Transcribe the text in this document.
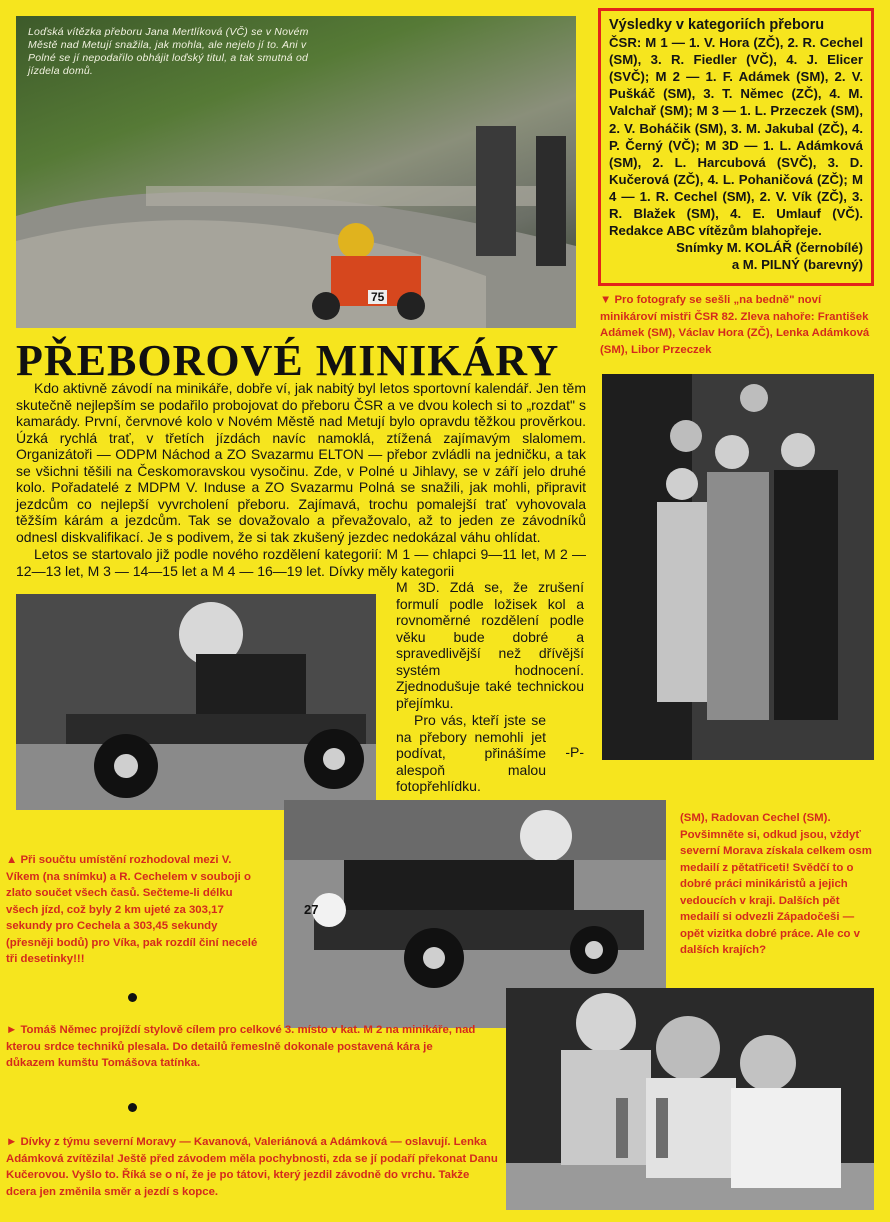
Loďská vítězka přeboru Jana Mertlíková (VČ) se v Novém Městě nad Metují snažila, jak mohla, ale nejelo jí to. Ani v Polné se jí nepodařilo obhájit loďský titul, a tak smutná od jízdela domů.
75
Výsledky v kategoriích přeboru
ČSR: M 1 — 1. V. Hora (ZČ), 2. R. Cechel (SM), 3. R. Fiedler (VČ), 4. J. Elicer (SVČ); M 2 — 1. F. Adámek (SM), 2. V. Puškáč (SM), 3. T. Němec (ZČ), 4. M. Valchař (SM); M 3 — 1. L. Przeczek (SM), 2. V. Boháčik (SM), 3. M. Jakubal (ZČ), 4. P. Černý (VČ); M 3D — 1. L. Adámková (SM), 2. L. Harcubová (SVČ), 3. D. Kučerová (ZČ), 4. L. Pohaničová (ZČ); M 4 — 1. R. Cechel (SM), 2. V. Vík (ZČ), 3. R. Blažek (SM), 4. E. Umlauf (VČ). Redakce ABC vítězům blahopřeje.
Snímky M. KOLÁŘ (černobílé)
a M. PILNÝ (barevný)
▼ Pro fotografy se sešli „na bedně" noví minikároví mistři ČSR 82. Zleva nahoře: František Adámek (SM), Václav Hora (ZČ), Lenka Adámková (SM), Libor Przeczek
PŘEBOROVÉ MINIKÁRY
Kdo aktivně závodí na minikáře, dobře ví, jak nabitý byl letos sportovní kalendář. Jen těm skutečně nejlepším se podařilo probojovat do přeboru ČSR a ve dvou kolech si to „rozdat" s kamarády. První, červnové kolo v Novém Městě nad Metují bylo opravdu těžkou prověrkou. Úzká rychlá trať, v třetích jízdách navíc namoklá, ztížená zajímavým slalomem. Organizátoři — ODPM Náchod a ZO Svazarmu ELTON — přebor zvládli na jedničku, a tak se všichni těšili na Českomoravskou vysočinu. Zde, v Polné u Jihlavy, se v září jelo druhé kolo. Pořadatelé z MDPM V. Induse a ZO Svazarmu Polná se snažili, jak mohli, připravit jezdcům co nejlepší vyvrcholení přeboru. Zajímavá, trochu pomalejší trať vyhovovala těžším kárám a jezdcům. Tak se dovažovalo a převažovalo, až to jeden ze závodníků odnesl diskvalifikací. Je s podivem, že si tak zkušený jezdec nedokázal váhu ohlídat.
Letos se startovalo již podle nového rozdělení kategorií: M 1 — chlapci 9—11 let, M 2 — 12—13 let, M 3 — 14—15 let a M 4 — 16—19 let. Dívky měly kategorii
M 3D. Zdá se, že zrušení formulí podle ložisek kol a rovnoměrné rozdělení podle věku bude dobré a spravedlivější než dřívější systém hodnocení. Zjednodušuje také technickou přejímku.
Pro vás, kteří jste se na přebory nemohli jet podívat, přinášíme alespoň malou fotopřehlídku.
-P-
(SM), Radovan Cechel (SM). Povšimněte si, odkud jsou, vždyť severní Morava získala celkem osm medailí z pětatřiceti! Svědčí to o dobré práci minikáristů a jejich vedoucích v kraji. Dalších pět medailí si odvezli Západočeši — opět vizitka dobré práce. Ale co v dalších krajích?
27
▲ Při součtu umístění rozhodoval mezi V. Víkem (na snímku) a R. Cechelem v souboji o zlato součet všech časů. Sečteme-li délku všech jízd, což byly 2 km ujeté za 303,17 sekundy pro Cechela a 303,45 sekundy (přesněji bodů) pro Víka, pak rozdíl činí necelé tři desetinky!!!
► Tomáš Němec projíždí stylově cílem pro celkové 3. místo v kat. M 2 na minikáře, nad kterou srdce techniků plesala. Do detailů řemeslně dokonale postavená kára je důkazem kumštu Tomášova tatínka.
► Dívky z týmu severní Moravy — Kavanová, Valeriánová a Adámková — oslavují. Lenka Adámková zvítězila! Ještě před závodem měla pochybnosti, zda se jí podaří překonat Danu Kučerovou. Vyšlo to. Říká se o ní, že je po tátovi, který jezdil závodně do vrchu. Takže dcera jen změnila směr a jezdí s kopce.
